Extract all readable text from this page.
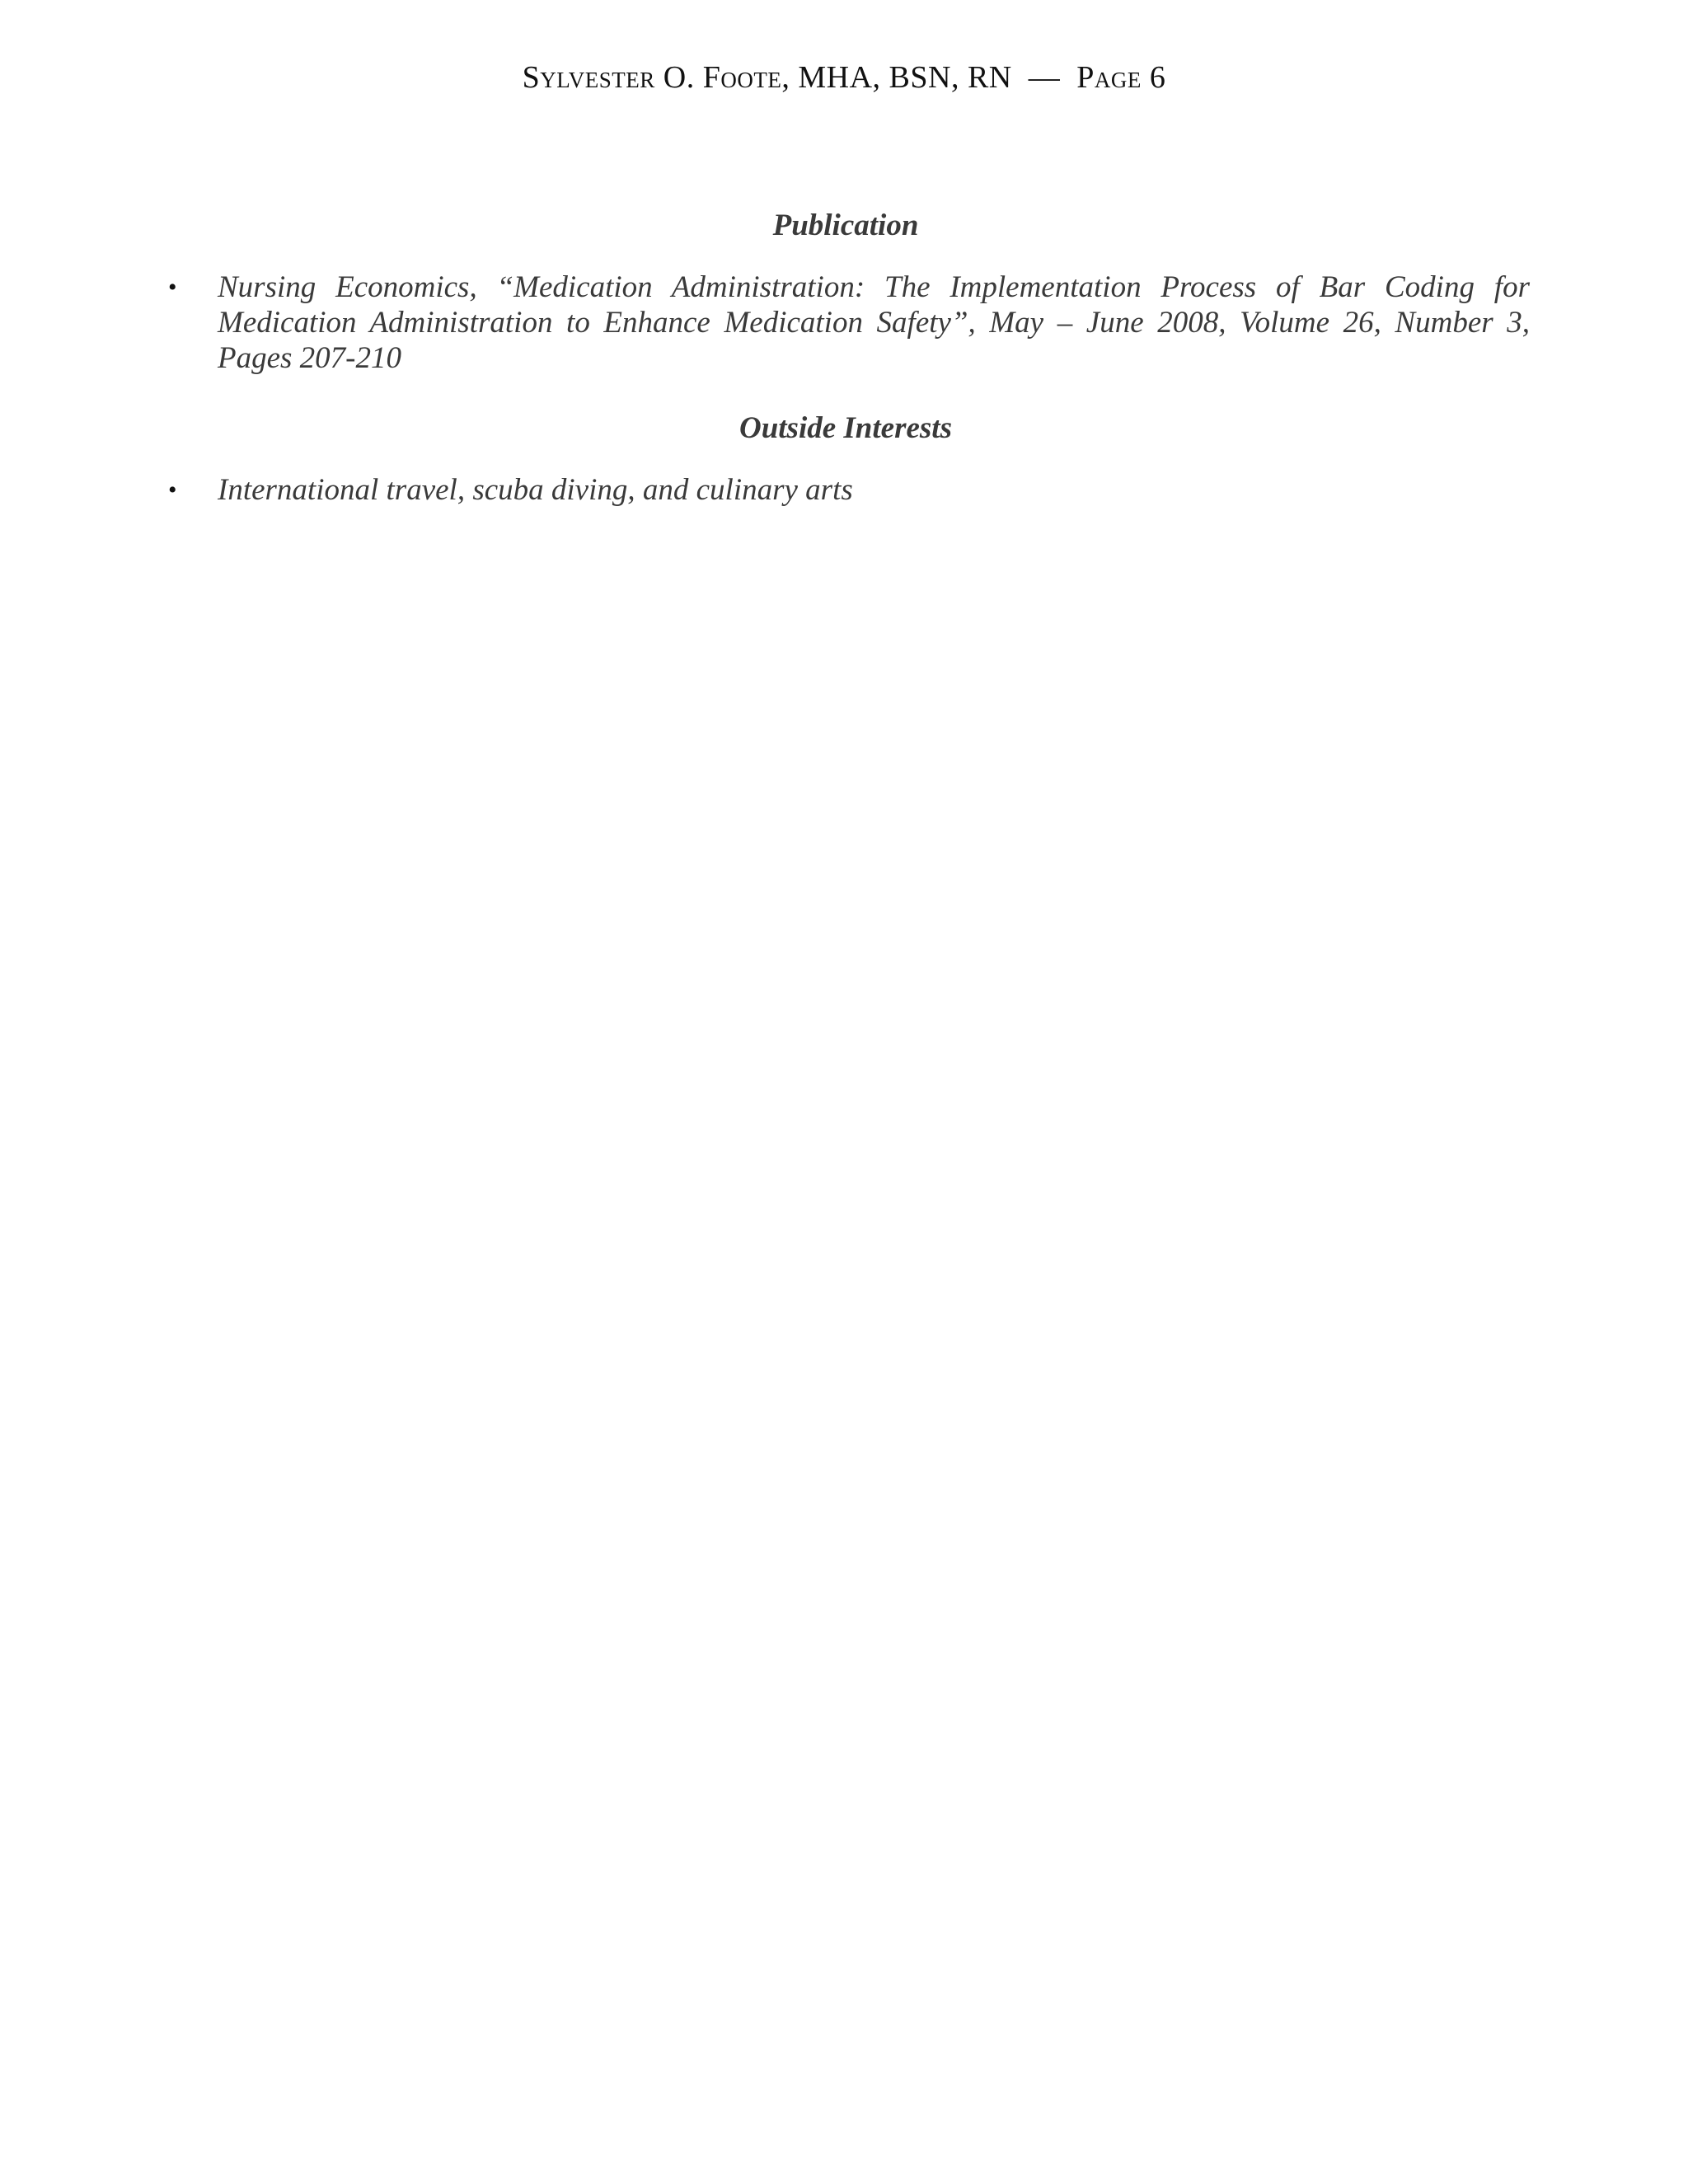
Sylvester O. Foote, MHA, BSN, RN — Page 6
Publication
• Nursing Economics, “Medication Administration: The Implementation Process of Bar Coding for Medication Administration to Enhance Medication Safety”, May – June 2008, Volume 26, Number 3, Pages 207-210
Outside Interests
• International travel, scuba diving, and culinary arts
